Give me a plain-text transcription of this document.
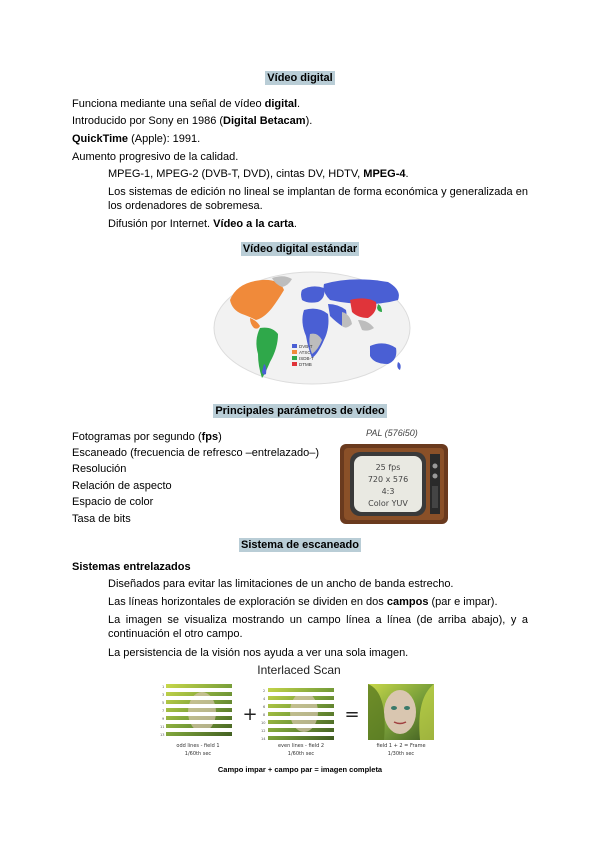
Vídeo digital
Funciona mediante una señal de vídeo digital.
Introducido por Sony en 1986 (Digital Betacam).
QuickTime (Apple): 1991.
Aumento progresivo de la calidad.
MPEG-1, MPEG-2 (DVB-T, DVD), cintas DV, HDTV, MPEG-4.
Los sistemas de edición no lineal se implantan de forma económica y generalizada en los ordenadores de sobremesa.
Difusión por Internet. Vídeo a la carta.
Vídeo digital estándar
DVB-T
ATSC
ISDB-T
DTMB
Principales parámetros de vídeo
Fotogramas por segundo (fps)
Escaneado (frecuencia de refresco –entrelazado–)
Resolución
Relación de aspecto
Espacio de color
Tasa de bits
PAL (576i50)
25 fps
720 x 576
4:3
Color YUV
Sistema de escaneado
Sistemas entrelazados
Diseñados para evitar las limitaciones de un ancho de banda estrecho.
Las líneas horizontales de exploración se dividen en dos campos (par e impar).
La imagen se visualiza mostrando un campo línea a línea (de arriba abajo), y a continuación el otro campo.
La persistencia de la visión nos ayuda a ver una sola imagen.
Interlaced Scan
1
3
5
7
9
11
13
odd lines - field 1
1/60th sec
+
2
4
6
8
10
12
14
even lines - field 2
1/60th sec
=
field 1 + 2 = Frame
1/30th sec
Campo impar + campo par = imagen completa
